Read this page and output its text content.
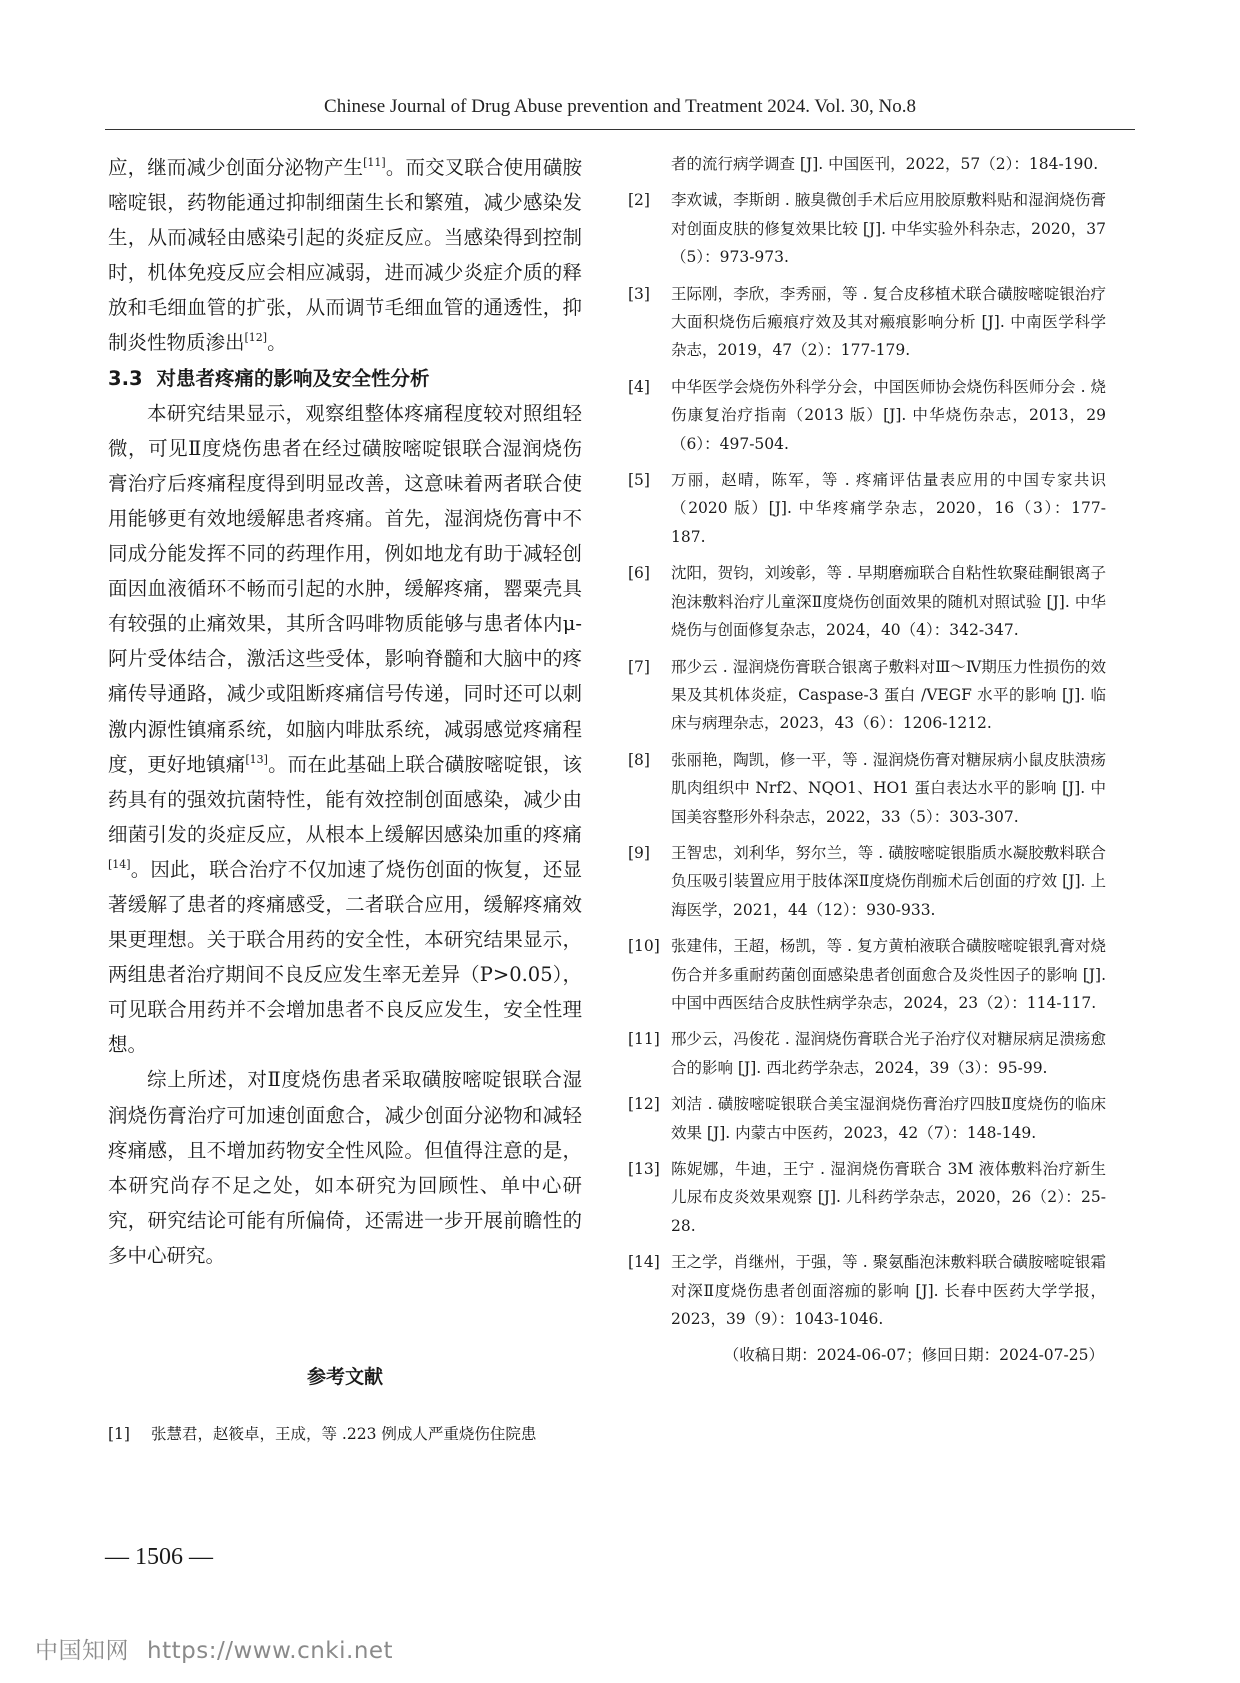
Chinese Journal of Drug Abuse prevention and Treatment 2024. Vol. 30, No.8

应，继而减少创面分泌物产生[11]。而交叉联合使用磺胺嘧啶银，药物能通过抑制细菌生长和繁殖，减少感染发生，从而减轻由感染引起的炎症反应。当感染得到控制时，机体免疫反应会相应减弱，进而减少炎症介质的释放和毛细血管的扩张，从而调节毛细血管的通透性，抑制炎性物质渗出[12]。

3.3 对患者疼痛的影响及安全性分析

本研究结果显示，观察组整体疼痛程度较对照组轻微，可见Ⅱ度烧伤患者在经过磺胺嘧啶银联合湿润烧伤膏治疗后疼痛程度得到明显改善，这意味着两者联合使用能够更有效地缓解患者疼痛。首先，湿润烧伤膏中不同成分能发挥不同的药理作用，例如地龙有助于减轻创面因血液循环不畅而引起的水肿，缓解疼痛，罂粟壳具有较强的止痛效果，其所含吗啡物质能够与患者体内μ-阿片受体结合，激活这些受体，影响脊髓和大脑中的疼痛传导通路，减少或阻断疼痛信号传递，同时还可以刺激内源性镇痛系统，如脑内啡肽系统，减弱感觉疼痛程度，更好地镇痛[13]。而在此基础上联合磺胺嘧啶银，该药具有的强效抗菌特性，能有效控制创面感染，减少由细菌引发的炎症反应，从根本上缓解因感染加重的疼痛[14]。因此，联合治疗不仅加速了烧伤创面的恢复，还显著缓解了患者的疼痛感受，二者联合应用，缓解疼痛效果更理想。关于联合用药的安全性，本研究结果显示，两组患者治疗期间不良反应发生率无差异（P>0.05），可见联合用药并不会增加患者不良反应发生，安全性理想。

综上所述，对Ⅱ度烧伤患者采取磺胺嘧啶银联合湿润烧伤膏治疗可加速创面愈合，减少创面分泌物和减轻疼痛感，且不增加药物安全性风险。但值得注意的是，本研究尚存不足之处，如本研究为回顾性、单中心研究，研究结论可能有所偏倚，还需进一步开展前瞻性的多中心研究。

参考文献
[1] 张慧君，赵筱卓，王成，等 .223 例成人严重烧伤住院患
者的流行病学调查 [J]. 中国医刊，2022，57（2）：184-190.
[2] 李欢诚，李斯朗 . 腋臭微创手术后应用胶原敷料贴和湿润烧伤膏对创面皮肤的修复效果比较 [J]. 中华实验外科杂志，2020，37（5）：973-973.
[3] 王际刚，李欣，李秀丽，等 . 复合皮移植术联合磺胺嘧啶银治疗大面积烧伤后瘢痕疗效及其对瘢痕影响分析 [J]. 中南医学科学杂志，2019，47（2）：177-179.
[4] 中华医学会烧伤外科学分会，中国医师协会烧伤科医师分会 . 烧伤康复治疗指南（2013 版）[J]. 中华烧伤杂志，2013，29（6）：497-504.
[5] 万丽，赵晴，陈军，等 . 疼痛评估量表应用的中国专家共识（2020 版）[J]. 中华疼痛学杂志，2020，16（3）：177-187.
[6] 沈阳，贺钧，刘竣彰，等 . 早期磨痂联合自粘性软聚硅酮银离子泡沫敷料治疗儿童深Ⅱ度烧伤创面效果的随机对照试验 [J]. 中华烧伤与创面修复杂志，2024，40（4）：342-347.
[7] 邢少云 . 湿润烧伤膏联合银离子敷料对Ⅲ～Ⅳ期压力性损伤的效果及其机体炎症，Caspase-3 蛋白 /VEGF 水平的影响 [J]. 临床与病理杂志，2023，43（6）：1206-1212.
[8] 张丽艳，陶凯，修一平，等 . 湿润烧伤膏对糖尿病小鼠皮肤溃疡肌肉组织中 Nrf2、NQO1、HO1 蛋白表达水平的影响 [J]. 中国美容整形外科杂志，2022，33（5）：303-307.
[9] 王智忠，刘利华，努尔兰，等 . 磺胺嘧啶银脂质水凝胶敷料联合负压吸引装置应用于肢体深Ⅱ度烧伤削痂术后创面的疗效 [J]. 上海医学，2021，44（12）：930-933.
[10] 张建伟，王超，杨凯，等 . 复方黄柏液联合磺胺嘧啶银乳膏对烧伤合并多重耐药菌创面感染患者创面愈合及炎性因子的影响 [J]. 中国中西医结合皮肤性病学杂志，2024，23（2）：114-117.
[11] 邢少云，冯俊花 . 湿润烧伤膏联合光子治疗仪对糖尿病足溃疡愈合的影响 [J]. 西北药学杂志，2024，39（3）：95-99.
[12] 刘洁 . 磺胺嘧啶银联合美宝湿润烧伤膏治疗四肢Ⅱ度烧伤的临床效果 [J]. 内蒙古中医药，2023，42（7）：148-149.
[13] 陈妮娜，牛迪，王宁 . 湿润烧伤膏联合 3M 液体敷料治疗新生儿尿布皮炎效果观察 [J]. 儿科药学杂志，2020，26（2）：25-28.
[14] 王之学，肖继州，于强，等 . 聚氨酯泡沫敷料联合磺胺嘧啶银霜对深Ⅱ度烧伤患者创面溶痂的影响 [J]. 长春中医药大学学报，2023，39（9）：1043-1046.
（收稿日期：2024-06-07；修回日期：2024-07-25）
— 1506 —
中国知网 https://www.cnki.net
